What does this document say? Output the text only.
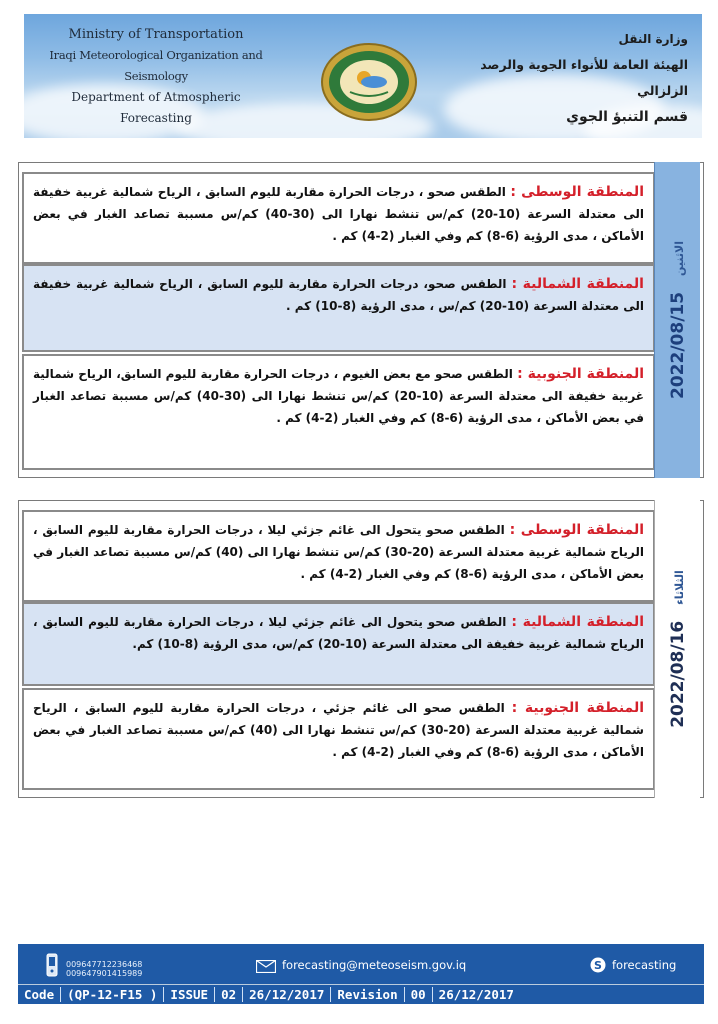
Ministry of Transportation
Iraqi Meteorological Organization and Seismology
Department of Atmospheric Forecasting
وزارة النقل
الهيئة العامة للأنواء الجوية والرصد الزلزالي
قسم التنبؤ الجوي
المنطقة الوسطى : الطقس صحو ، درجات الحرارة مقاربة لليوم السابق ، الرياح شمالية غربية خفيفة الى معتدلة السرعة (10-20) كم/س تنشط نهارا الى (30-40) كم/س مسببة تصاعد الغبار في بعض الأماكن ، مدى الرؤية (6-8) كم وفي الغبار (2-4) كم .
المنطقة الشمالية : الطقس صحو، درجات الحرارة مقاربة لليوم السابق ، الرياح شمالية غربية خفيفة الى معتدلة السرعة (10-20) كم/س ، مدى الرؤية (8-10) كم .
المنطقة الجنوبية : الطقس صحو مع بعض الغيوم ، درجات الحرارة مقاربة لليوم السابق، الرياح شمالية غربية خفيفة الى معتدلة السرعة (10-20) كم/س تنشط نهارا الى (30-40) كم/س مسببة تصاعد الغبار في بعض الأماكن ، مدى الرؤية (6-8) كم وفي الغبار (2-4) كم .
2022/08/15 الاثنين
المنطقة الوسطى : الطقس صحو يتحول الى غائم جزئي ليلا ، درجات الحرارة مقاربة لليوم السابق ، الرياح شمالية غربية معتدلة السرعة (20-30) كم/س تنشط نهارا الى (40) كم/س مسببة تصاعد الغبار في بعض الأماكن ، مدى الرؤية (6-8) كم وفي الغبار (2-4) كم .
المنطقة الشمالية : الطقس صحو يتحول الى غائم جزئي ليلا ، درجات الحرارة مقاربة لليوم السابق ، الرياح شمالية غربية خفيفة الى معتدلة السرعة (10-20) كم/س، مدى الرؤية (8-10) كم.
المنطقة الجنوبية : الطقس صحو الى غائم جزئي ، درجات الحرارة مقاربة لليوم السابق ، الرياح شمالية غربية معتدلة السرعة (20-30) كم/س تنشط نهارا الى (40) كم/س مسببة تصاعد الغبار في بعض الأماكن ، مدى الرؤية (6-8) كم وفي الغبار (2-4) كم .
2022/08/16 الثلاثاء
009647712236468
009647901415989
forecasting@meteoseism.gov.iq	S forecasting
Code	(QP-12-F15 )	ISSUE	02	26/12/2017	Revision	00	26/12/2017
